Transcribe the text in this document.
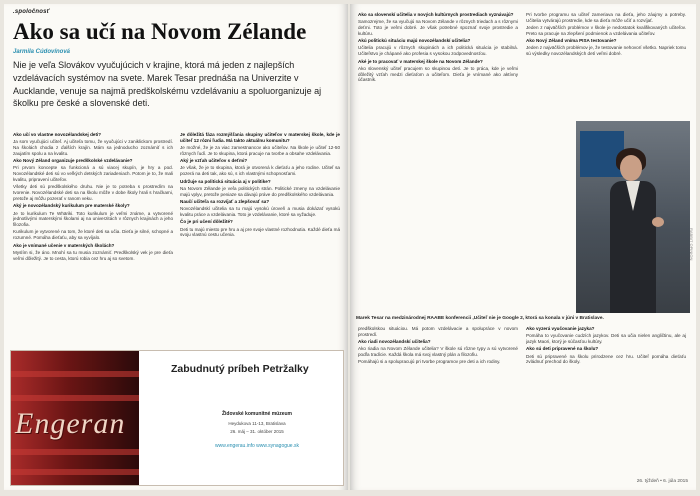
.spoločnosť
Ako sa učí na Novom Zélande
Jarmila Cúdovínová
Nie je veľa Slovákov vyučujúcich v krajine, ktorá má jeden z najlepších vzdelávacích systémov na svete. Marek Tesar prednáša na Univerzite v Aucklande, venuje sa najmä predškolskému vzdelávaniu a spoluorganizuje aj školku pre české a slovenské deti.

Ako učí vo vlastne novozélandskej deti?

Ja som vyučujúci učiteľ. Aj učiteľa tomu, že vyučujúci v zaniklickom prostredí. Na školách chodia z ďalších krajín. Mám sa jednoducho zoznámiť s ich zaujatím spolu a na kvalitu.

Ako Nový Zéland organizuje predškolské vzdelávanie?

Pri prvom koncepte sa funkcioná a sú viacej skupín, je hry a pod. Novozélandské deti sú vo veľkých detských zariadeniach. Potom je to, že mali kvalitu, pripravení učiteľov.

Všetky deti sú predškolského druhu. Nie je to potreba s prostredím na tvorenie. Novozélandské deti sa na školu môže v dobe školy hrali s hračkami, pretože aj môžu pozerať v ranom veku.

Aký je novozélandský kurikulum pre materské školy?

Je to kurikulum Te Whāriki. Toto kurikulum je veľmi známe, a vytvorené jednotlivými materskými školami aj na univerzitách v rôznych krajinách a jeho filozofia.

Kurikulum je vytvorené na tom, že ktoré deti sa učia. Dieťa je silné, schopné a rozumné. Pomáha dieťaťu, aby sa vyvíjalo.

Ako je vnímané učenie v materských školách?

Myslím si, že áno. Mnohí sa tu musia zoznámiť. Predškolský vek je pre dieťa veľmi dôležitý. Je to cesta, ktorú robia cez hru aj so svetom.

Je dôležitá fáza rozmýšľania skupiny učiteľov v materskej škole, kde je učiteľ 12 rôzni ľudia. Má takto aktuálnu komunitu?

Je možné, že je za viac zamestnancov ako učiteľov. Na škole je učiteľ 12-50 rôznych ľudí. Je to skupina, ktorá pracuje na tvorbe a obsahe vzdelávania.

Aký je vzťah učiteľov s deťmi?

Je však, že je to skupina, ktorá je otvorená k dieťaťu a jeho rodine. Učiteľ sa pozerá na deti tak, ako sú, s ich vlastnými schopnosťami.

Udržuje sa politická situácia aj v politike?

Na Novom Zélande je veľa politických strán. Politické zmeny na vzdelávanie majú vplyv, pretože peniaze sa dávajú práve do predškolského vzdelávania.

Naučí učiteľa sa rozvíjať a zlepšovať sa?

Novozélandskí učitelia sa tu majú vysokú úroveň a musia dokázať vysokú kvalitu práce a vzdelávania. Toto je vzdelávanie, ktoré sa vyžaduje.

Čo je pri učení dôležité?

Deti tu majú miesto pre hru a aj pre svoje vlastné rozhodnutia. Každé dieťa má svoju vlastnú cestu učenia.

Engeran
Zabudnutý príbeh Petržalky
Židovské komunitné múzeum
Heydukova 11-13, Bratislava
26. máj – 31. október 2015
www.engerau.info www.synagogue.sk

Ako sa slovenskí učitelia v nových kultúrnych prostrediach vyznávajú?

Samozrejme, že sa vyučujú na Novom Zélande v rôznych triedach a s rôznymi deťmi. Toto je veľmi dobré. Je však potrebné spoznať svoje prostredie a kultúru.

Akú politickú situáciu majú novozélandskí učitelia?

Učitelia pracujú v rôznych skupinách a ich politická situácia je stabilná. Učiteľstvo je chápané ako profesia s vysokou zodpovednosťou.

Aké je to pracovať v materskej škole na Novom Zélande?

Ako slovenský učiteľ pracujem so skupinou detí. Je to práca, kde je veľmi dôležitý vzťah medzi dieťaťom a učiteľom. Dieťa je vnímané ako aktívny účastník.

Pri tvorbe programu sa učiteľ zameriava na dieťa, jeho záujmy a potreby. Učitelia vytvárajú prostredie, kde sa dieťa môže učiť a rozvíjať.

Jeden z najväčších problémov v škole je nedostatok kvalifikovaných učiteľov. Preto sa pracuje na zlepšení podmienok a vzdelávania učiteľov.

Ako Nový Zéland vníma PISA testovanie?

Jeden z najväčších problémov je, že testovanie nehovorí všetko. Napriek tomu sú výsledky novozélandských detí veľmi dobré.

Marek Tesar na medzinárodnej RAABE konferencii ,Učiteľ nie je Google 2, ktorá sa konala v júni v Bratislave.

predškolskou situáciou. Má potom vzdelávacie a spolupráce v novom prostredí.

Ako riadi novozélandskí učitelia?

Ako riadia na Novom Zélande učitelia? V škole sú rôzne typy a sú vytvorené podľa tradície. Každá škola má svoj vlastný plán a filozofiu.

Pomáhajú si a spolupracujú pri tvorbe programov pre deti a ich rodiny.

Ako vyzerá vyučovanie jazyka?

Pomáha to vyučovanie cudzích jazykov. Deti sa učia nielen angličtinu, ale aj jazyk Maori, ktorý je súčasťou kultúry.

Ako sú deti pripravené na školu?

Deti sú pripravené na školu prirodzene cez hru. Učiteľ pomáha dieťaťu zvládnuť prechod do školy.

26. týždeň • 6. júla 2015
RABBIT OPINION
